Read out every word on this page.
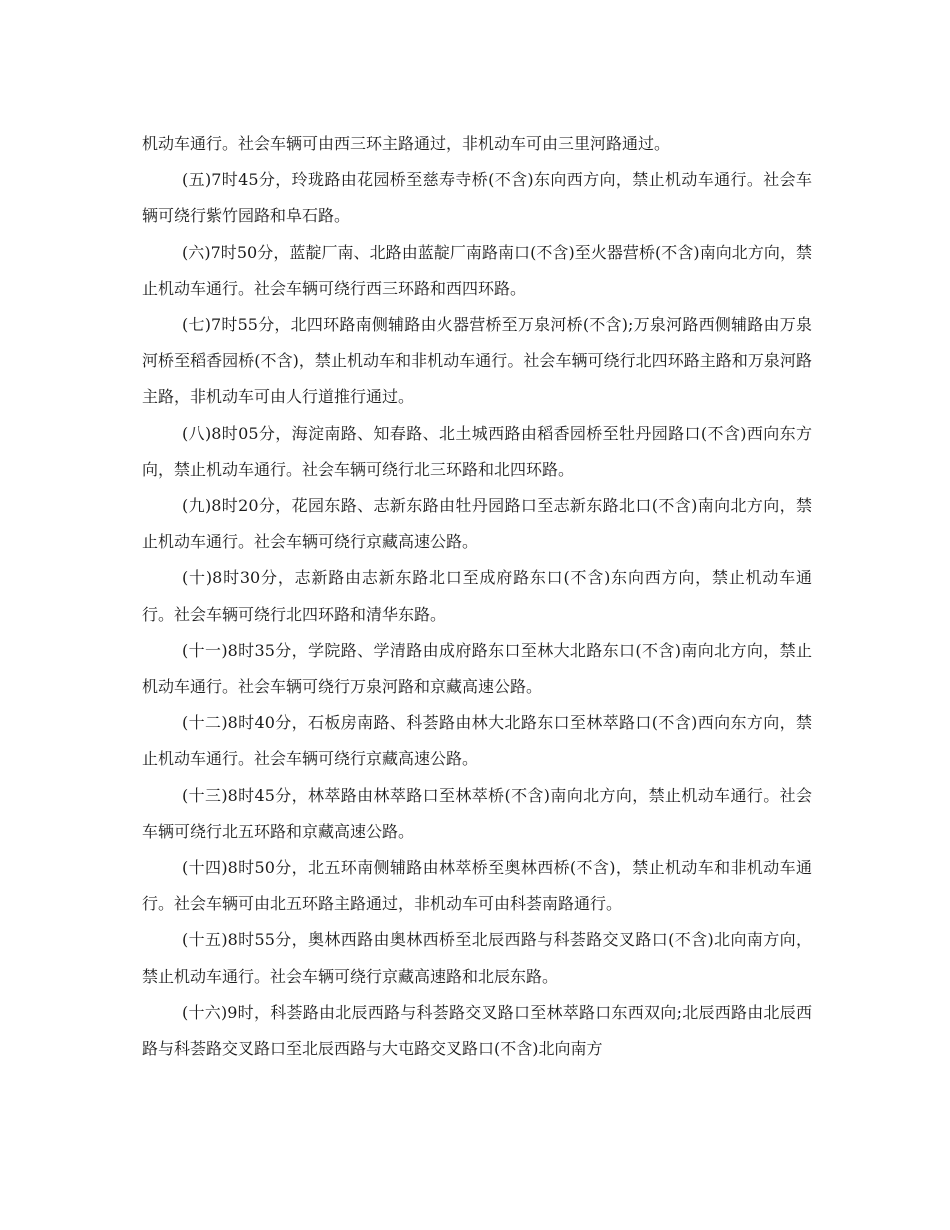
机动车通行。社会车辆可由西三环主路通过，非机动车可由三里河路通过。

(五)7时45分，玲珑路由花园桥至慈寿寺桥(不含)东向西方向，禁止机动车通行。社会车辆可绕行紫竹园路和阜石路。

(六)7时50分，蓝靛厂南、北路由蓝靛厂南路南口(不含)至火器营桥(不含)南向北方向，禁止机动车通行。社会车辆可绕行西三环路和西四环路。

(七)7时55分，北四环路南侧辅路由火器营桥至万泉河桥(不含);万泉河路西侧辅路由万泉河桥至稻香园桥(不含)，禁止机动车和非机动车通行。社会车辆可绕行北四环路主路和万泉河路主路，非机动车可由人行道推行通过。

(八)8时05分，海淀南路、知春路、北土城西路由稻香园桥至牡丹园路口(不含)西向东方向，禁止机动车通行。社会车辆可绕行北三环路和北四环路。

(九)8时20分，花园东路、志新东路由牡丹园路口至志新东路北口(不含)南向北方向，禁止机动车通行。社会车辆可绕行京藏高速公路。

(十)8时30分，志新路由志新东路北口至成府路东口(不含)东向西方向，禁止机动车通行。社会车辆可绕行北四环路和清华东路。

(十一)8时35分，学院路、学清路由成府路东口至林大北路东口(不含)南向北方向，禁止机动车通行。社会车辆可绕行万泉河路和京藏高速公路。

(十二)8时40分，石板房南路、科荟路由林大北路东口至林萃路口(不含)西向东方向，禁止机动车通行。社会车辆可绕行京藏高速公路。

(十三)8时45分，林萃路由林萃路口至林萃桥(不含)南向北方向，禁止机动车通行。社会车辆可绕行北五环路和京藏高速公路。

(十四)8时50分，北五环南侧辅路由林萃桥至奥林西桥(不含)，禁止机动车和非机动车通行。社会车辆可由北五环路主路通过，非机动车可由科荟南路通行。

(十五)8时55分，奥林西路由奥林西桥至北辰西路与科荟路交叉路口(不含)北向南方向，禁止机动车通行。社会车辆可绕行京藏高速路和北辰东路。

(十六)9时，科荟路由北辰西路与科荟路交叉路口至林萃路口东西双向;北辰西路由北辰西路与科荟路交叉路口至北辰西路与大屯路交叉路口(不含)北向南方
